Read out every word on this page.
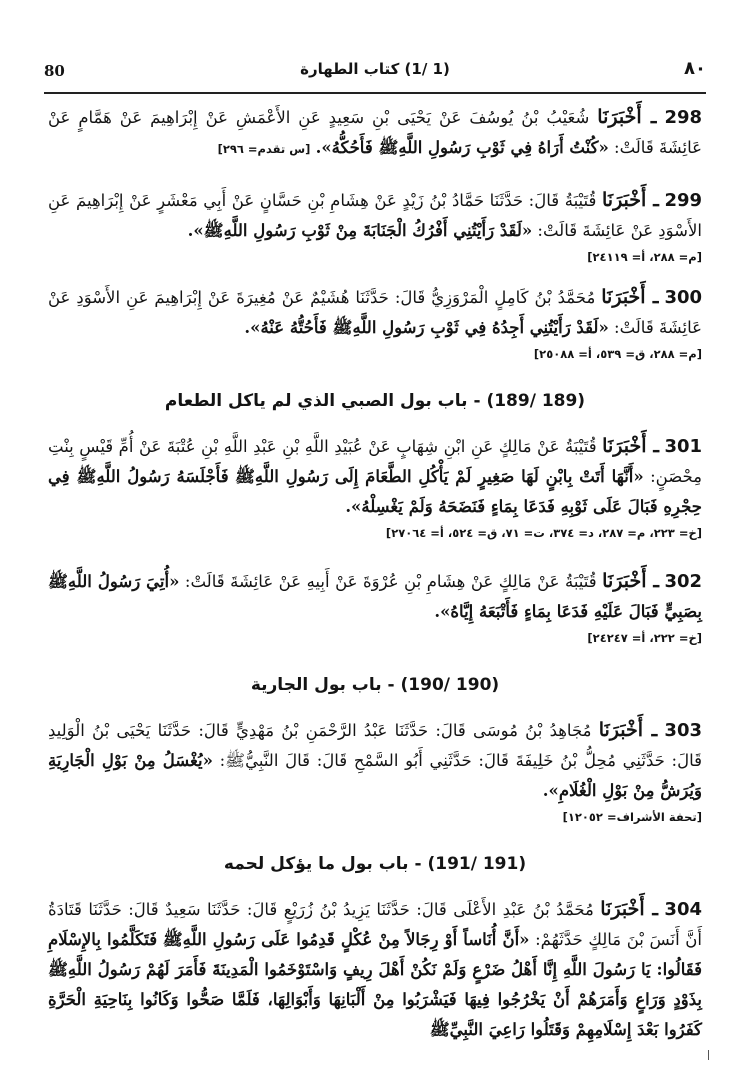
80	(1 /1) كتاب الطهارة	٨٠
298 ـ أَخْبَرَنَا شُعَيْبُ بْنُ يُوسُفَ عَنْ يَحْيَى بْنِ سَعِيدٍ عَنِ الأَعْمَشِ عَنْ إِبْرَاهِيمَ عَنْ هَمَّامٍ عَنْ عَائِشَةَ قَالَتْ: «كُنْتُ أَرَاهُ فِي ثَوْبِ رَسُولِ اللَّهِﷺ فَأَحُكُّهُ». [س تقدم= ٢٩٦]
299 ـ أَخْبَرَنَا قُتَيْبَةُ قَالَ: حَدَّثَنَا حَمَّادُ بْنُ زَيْدٍ عَنْ هِشَامِ بْنِ حَسَّانٍ عَنْ أَبِي مَعْشَرٍ عَنْ إِبْرَاهِيمَ عَنِ الأَسْوَدِ عَنْ عَائِشَةَ قَالَتْ: «لَقَدْ رَأَيْتُنِي أَفْرُكُ الْجَنَابَةَ مِنْ ثَوْبِ رَسُولِ اللَّهِﷺ».
[م= ٢٨٨، أ= ٢٤١١٩]
300 ـ أَخْبَرَنَا مُحَمَّدُ بْنُ كَامِلٍ الْمَرْوَزِيُّ قَالَ: حَدَّثَنَا هُشَيْمٌ عَنْ مُغِيرَةَ عَنْ إِبْرَاهِيمَ عَنِ الأَسْوَدِ عَنْ عَائِشَةَ قَالَتْ: «لَقَدْ رَأَيْتُنِي أَجِدُهُ فِي ثَوْبِ رَسُولِ اللَّهِﷺ فَأَحُتُّهُ عَنْهُ».
[م= ٢٨٨، ق= ٥٣٩، أ= ٢٥٠٨٨]
(189/ 189) - باب بول الصبي الذي لم ياكل الطعام
301 ـ أَخْبَرَنَا قُتَيْبَةُ عَنْ مَالِكٍ عَنِ ابْنِ شِهَابٍ عَنْ عُبَيْدِ اللَّهِ بْنِ عَبْدِ اللَّهِ بْنِ عُتْبَةَ عَنْ أُمِّ قَيْسٍ بِنْتِ مِحْصَنٍ: «أَنَّهَا أَتَتْ بِابْنٍ لَهَا صَغِيرٍ لَمْ يَأْكُلِ الطَّعَامَ إِلَى رَسُولِ اللَّهِﷺ فَأَجْلَسَهُ رَسُولُ اللَّهِﷺ فِي حِجْرِهِ فَبَالَ عَلَى ثَوْبِهِ فَدَعَا بِمَاءٍ فَنَضَحَهُ وَلَمْ يَغْسِلْهُ».
[خ= ٢٢٣، م= ٢٨٧، د= ٣٧٤، ت= ٧١، ق= ٥٢٤، أ= ٢٧٠٦٤]
302 ـ أَخْبَرَنَا قُتَيْبَةُ عَنْ مَالِكٍ عَنْ هِشَامِ بْنِ عُرْوَةَ عَنْ أَبِيهِ عَنْ عَائِشَةَ قَالَتْ: «أُتِيَ رَسُولُ اللَّهِﷺ بِصَبِيٍّ فَبَالَ عَلَيْهِ فَدَعَا بِمَاءٍ فَأَتْبَعَهُ إِيَّاهُ».
[خ= ٢٢٢، أ= ٢٤٢٤٧]
(190/ 190) - باب بول الجارية
303 ـ أَخْبَرَنَا مُجَاهِدُ بْنُ مُوسَى قَالَ: حَدَّثَنَا عَبْدُ الرَّحْمَنِ بْنُ مَهْدِيٍّ قَالَ: حَدَّثَنَا يَحْيَى بْنُ الْوَلِيدِ قَالَ: حَدَّثَنِي مُحِلُّ بْنُ خَلِيفَةَ قَالَ: حَدَّثَنِي أَبُو السَّمْحِ قَالَ: قَالَ النَّبِيُّﷺ: «يُغْسَلُ مِنْ بَوْلِ الْجَارِيَةِ وَيُرَشُّ مِنْ بَوْلِ الْغُلَامِ».
[تحفة الأشراف= ١٢٠٥٢]
(191/ 191) - باب بول ما يؤكل لحمه
304 ـ أَخْبَرَنَا مُحَمَّدُ بْنُ عَبْدِ الأَعْلَى قَالَ: حَدَّثَنَا يَزِيدُ بْنُ زُرَيْعٍ قَالَ: حَدَّثَنَا سَعِيدٌ قَالَ: حَدَّثَنَا قَتَادَةُ أَنَّ أَنَسَ بْنَ مَالِكٍ حَدَّثَهُمْ: «أَنَّ أُنَاساً أَوْ رِجَالاً مِنْ عُكْلٍ قَدِمُوا عَلَى رَسُولِ اللَّهِﷺ فَتَكَلَّمُوا بِالإِسْلَامِ فَقَالُوا: يَا رَسُولَ اللَّهِ إِنَّا أَهْلُ ضَرْعٍ وَلَمْ نَكُنْ أَهْلَ رِيفٍ وَاسْتَوْخَمُوا الْمَدِينَةَ فَأَمَرَ لَهُمْ رَسُولُ اللَّهِﷺ بِذَوْدٍ وَرَاعٍ وَأَمَرَهُمْ أَنْ يَخْرُجُوا فِيهَا فَيَشْرَبُوا مِنْ أَلْبَانِهَا وَأَبْوَالِهَا، فَلَمَّا صَحُّوا وَكَانُوا بِنَاحِيَةِ الْحَرَّةِ كَفَرُوا بَعْدَ إِسْلَامِهِمْ وَقَتَلُوا رَاعِيَ النَّبِيِّﷺ
